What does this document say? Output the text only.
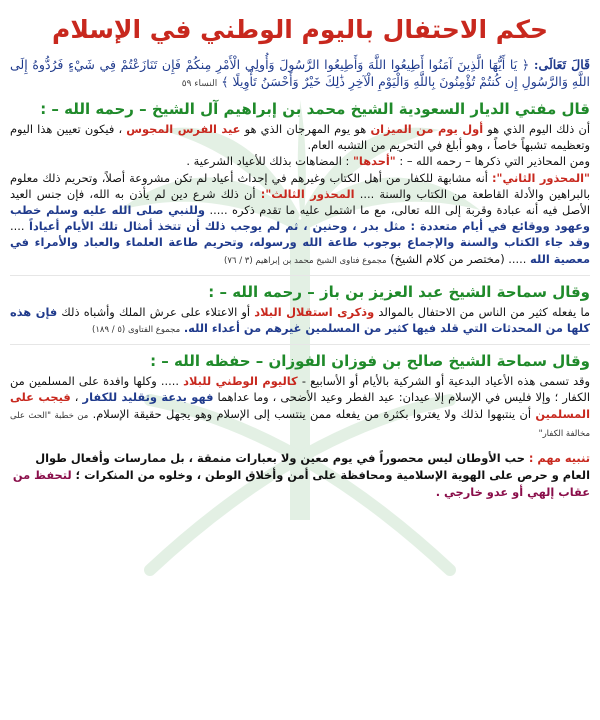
حكم الاحتفال باليوم الوطني في الإسلام

قَالَ تَعَالَى: ﴿ يَا أَيُّهَا الَّذِينَ آمَنُوا أَطِيعُوا اللَّهَ وَأَطِيعُوا الرَّسُولَ وَأُولِي الْأَمْرِ مِنكُمْ فَإِن تَنَازَعْتُمْ فِي شَيْءٍ فَرُدُّوهُ إِلَى اللَّهِ وَالرَّسُولِ إِن كُنتُمْ تُؤْمِنُونَ بِاللَّهِ وَالْيَوْمِ الْآخِرِ ذَٰلِكَ خَيْرٌ وَأَحْسَنُ تَأْوِيلًا ﴾ النساء ٥٩

قال مفتي الديار السعودية الشيخ محمد بن إبراهيم آل الشيخ – رحمه الله – :

أن ذلك اليوم الذي هو أول يوم من الميزان هو يوم المهرجان الذي هو عيد الفرس المجوس ، فيكون تعيين هذا اليوم وتعظيمه تشبهاً خاصاً ، وهو أبلغ في التحريم من التشبه العام.
ومن المحاذير التي ذكرها – رحمه الله – : "أحدها" : المضاهات بذلك للأعياد الشرعية .
"المحذور الثاني": أنه مشابهة للكفار من أهل الكتاب وغيرهم في إحداث أعياد لم تكن مشروعة أصلاً، وتحريم ذلك معلوم بالبراهين والأدلة القاطعة من الكتاب والسنة .... المحذور الثالث": أن ذلك شرع دين لم يأذن به الله، فإن جنس العيد الأصل فيه أنه عبادة وقربة إلى الله تعالى، مع ما اشتمل عليه ما تقدم ذكره ..... وللنبي صلى الله عليه وسلم خطب وعهود ووقائع في أيام متعددة : مثل بدر ، وحنين ، ثم لم يوجب ذلك أن تتخذ أمثال تلك الأيام أعياداً .... وقد جاء الكتاب والسنة والإجماع بوجوب طاعة الله ورسوله، وتحريم طاعة العلماء والعباد والأمراء في معصية الله ..... (مختصر من كلام الشيخ) مجموع فتاوى الشيخ محمد بن إبراهيم (٣ / ٧٦)

وقال سماحة الشيخ عبد العزيز بن باز – رحمه الله – :

ما يفعله كثير من الناس من الاحتفال بالموالد وذكرى استقلال البلاد أو الاعتلاء على عرش الملك وأشباه ذلك فإن هذه كلها من المحدثات التي قلد فيها كثير من المسلمين غيرهم من أعداء الله. مجموع الفتاوى (٥ / ١٨٩)

وقال سماحة الشيخ صالح بن فوزان الفوزان – حفظه الله – :

وقد تسمى هذه الأعياد البدعية أو الشركية بالأيام أو الأسابيع - كاليوم الوطني للبلاد ..... وكلها وافدة على المسلمين من الكفار ؛ وإلا فليس في الإسلام إلا عيدان: عيد الفطر وعيد الأضحى ، وما عداهما فهو بدعة وتقليد للكفار ، فيجب على المسلمين أن ينتبهوا لذلك ولا يغتروا بكثرة من يفعله ممن ينتسب إلى الإسلام وهو يجهل حقيقة الإسلام. من خطبة "الحث على مخالفة الكفار"

تنبيه مهم : حب الأوطان ليس محصوراً في يوم معين ولا بعبارات منمقة ، بل ممارسات وأفعال طوال العام و حرص على الهوية الإسلامية ومحافظة على أمن وأخلاق الوطن ، وخلوه من المنكرات ؛ لتحفظ من عقاب إلهي أو عدو خارجي .
